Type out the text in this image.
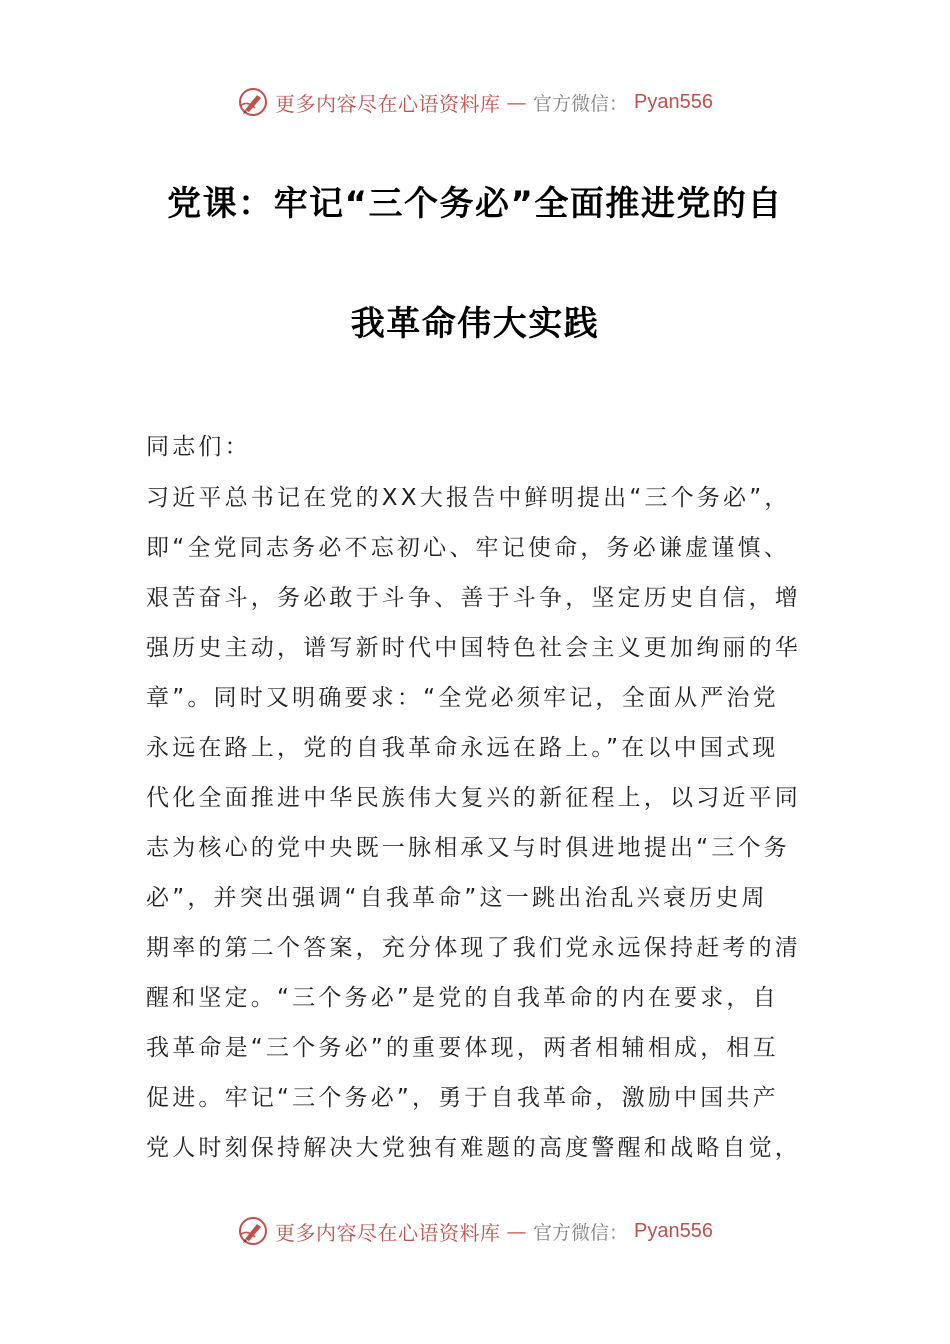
更多内容尽在心语资料库 — 官方微信： Pyan556
党课：牢记“三个务必”全面推进党的自
我革命伟大实践
同志们：
习近平总书记在党的XX大报告中鲜明提出“三个务必”，
即“全党同志务必不忘初心、牢记使命，务必谦虚谨慎、
艰苦奋斗，务必敢于斗争、善于斗争，坚定历史自信，增
强历史主动，谱写新时代中国特色社会主义更加绚丽的华
章”。同时又明确要求：“全党必须牢记，全面从严治党
永远在路上，党的自我革命永远在路上。”在以中国式现
代化全面推进中华民族伟大复兴的新征程上，以习近平同
志为核心的党中央既一脉相承又与时俱进地提出“三个务
必”，并突出强调“自我革命”这一跳出治乱兴衰历史周
期率的第二个答案，充分体现了我们党永远保持赶考的清
醒和坚定。“三个务必”是党的自我革命的内在要求，自
我革命是“三个务必”的重要体现，两者相辅相成，相互
促进。牢记“三个务必”，勇于自我革命，激励中国共产
党人时刻保持解决大党独有难题的高度警醒和战略自觉，
更多内容尽在心语资料库 — 官方微信： Pyan556
